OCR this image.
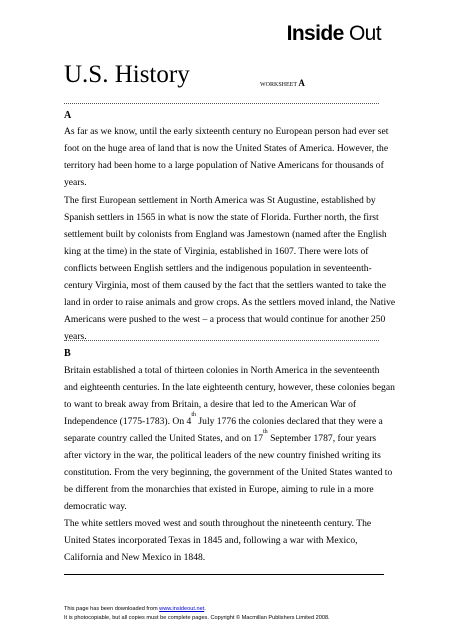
Inside Out
U.S. History	WORKSHEET A
A
As far as we know, until the early sixteenth century no European person had ever set
foot on the huge area of land that is now the United States of America. However, the
territory had been home to a large population of Native Americans for thousands of
years.
The first European settlement in North America was St Augustine, established by
Spanish settlers in 1565 in what is now the state of Florida. Further north, the first
settlement built by colonists from England was Jamestown (named after the English
king at the time) in the state of Virginia, established in 1607. There were lots of
conflicts between English settlers and the indigenous population in seventeenth-
century Virginia, most of them caused by the fact that the settlers wanted to take the
land in order to raise animals and grow crops. As the settlers moved inland, the Native
Americans were pushed to the west – a process that would continue for another 250
years.
B
Britain established a total of thirteen colonies in North America in the seventeenth
and eighteenth centuries. In the late eighteenth century, however, these colonies began
to want to break away from Britain, a desire that led to the American War of
Independence (1775-1783). On 4th July 1776 the colonies declared that they were a
separate country called the United States, and on 17th September 1787, four years
after victory in the war, the political leaders of the new country finished writing its
constitution. From the very beginning, the government of the United States wanted to
be different from the monarchies that existed in Europe, aiming to rule in a more
democratic way.
The white settlers moved west and south throughout the nineteenth century. The
United States incorporated Texas in 1845 and, following a war with Mexico,
California and New Mexico in 1848.
This page has been downloaded from www.insideout.net.
It is photocopiable, but all copies must be complete pages. Copyright © Macmillan Publishers Limited 2008.
